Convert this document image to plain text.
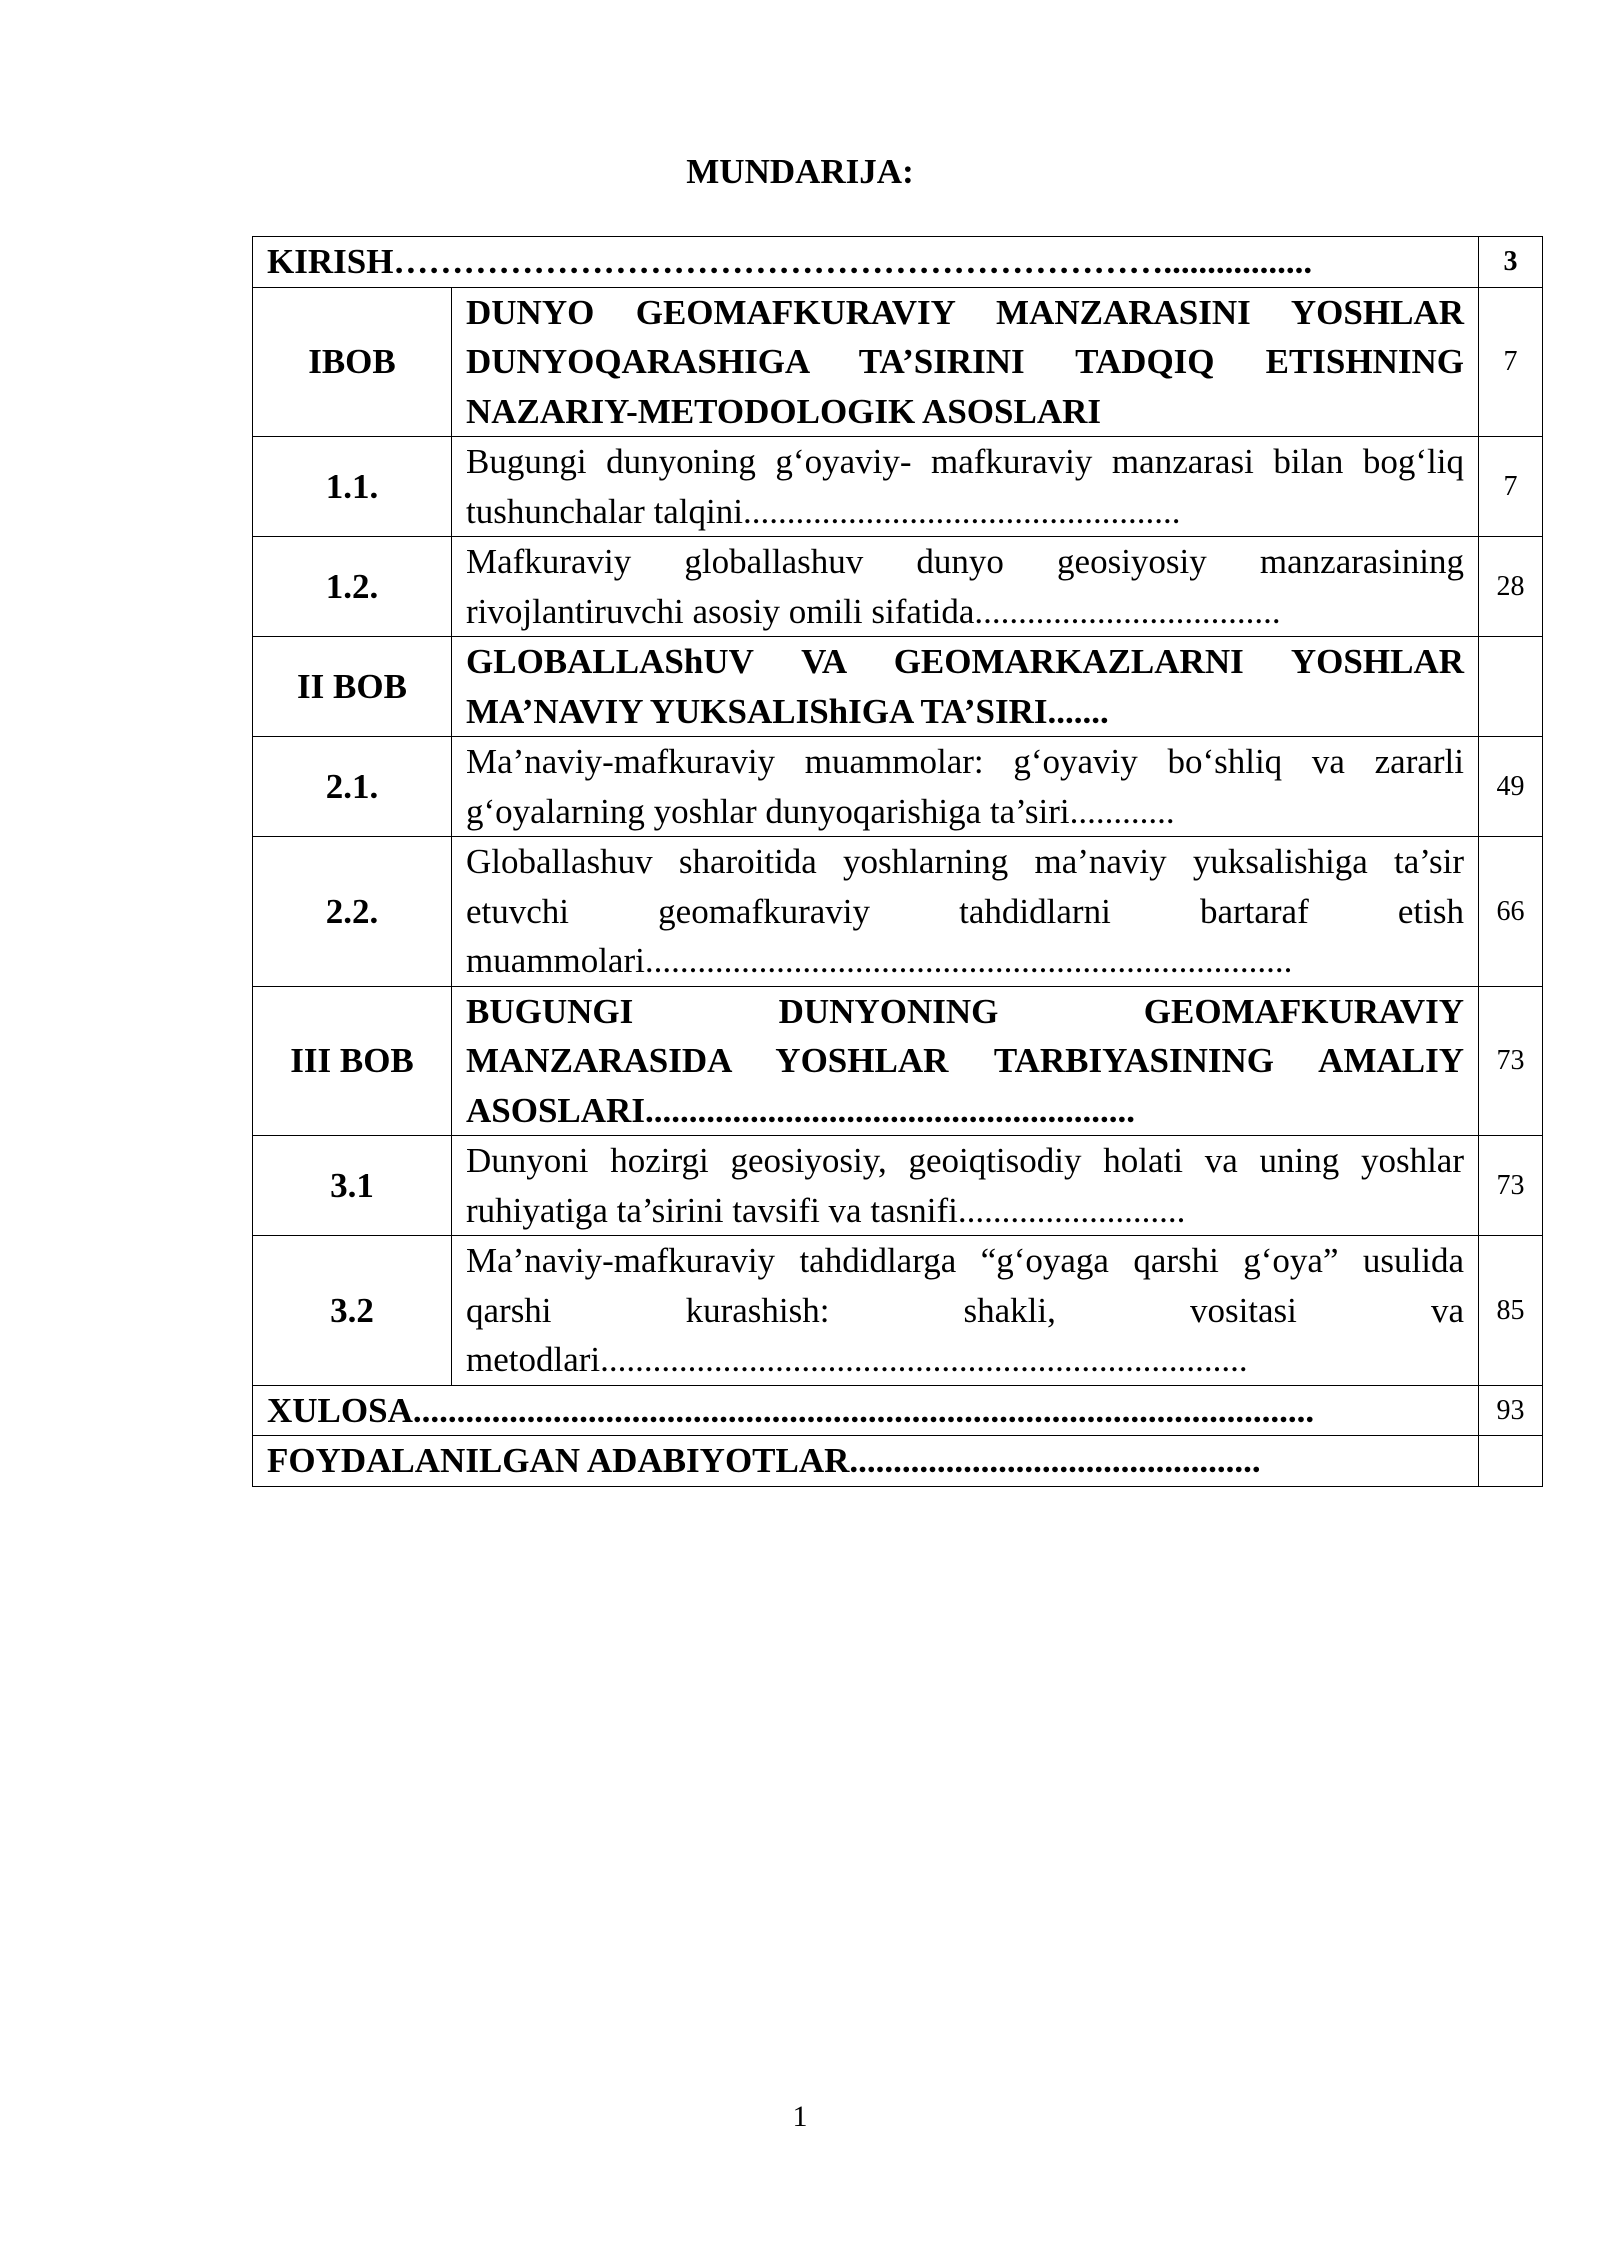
MUNDARIJA:
KIRISH………………………………………………………….................		3
IBOB	DUNYO GEOMAFKURAVIY MANZARASINI YOSHLAR DUNYOQARASHIGA TA’SIRINI TADQIQ ETISHNING NAZARIY-METODOLOGIK ASOSLARI	7
1.1.	Bugungi dunyoning g‘oyaviy- mafkuraviy manzarasi bilan bog‘liq tushunchalar talqini..................................................	7
1.2.	Mafkuraviy globallashuv dunyo geosiyosiy manzarasining rivojlantiruvchi asosiy omili sifatida...................................	28
II BOB	GLOBALLAShUV VA GEOMARKAZLARNI YOSHLAR MA’NAVIY YUKSALIShIGA TA’SIRI.......	
2.1.	Ma’naviy-mafkuraviy muammolar: g‘oyaviy bo‘shliq va zararli g‘oyalarning yoshlar dunyoqarishiga ta’siri............	49
2.2.	Globallashuv sharoitida yoshlarning ma’naviy yuksalishiga ta’sir etuvchi geomafkuraviy tahdidlarni bartaraf etish muammolari..........................................................................	66
III BOB	BUGUNGI DUNYONING GEOMAFKURAVIY MANZARASIDA YOSHLAR TARBIYASINING AMALIY ASOSLARI........................................................	73
3.1	Dunyoni hozirgi geosiyosiy, geoiqtisodiy holati va uning yoshlar ruhiyatiga ta’sirini tavsifi va tasnifi..........................	73
3.2	Ma’naviy-mafkuraviy tahdidlarga “g‘oyaga qarshi g‘oya” usulida qarshi kurashish: shakli, vositasi va metodlari..........................................................................	85
XULOSA.......................................................................................................		93
FOYDALANILGAN ADABIYOTLAR...............................................		
1
